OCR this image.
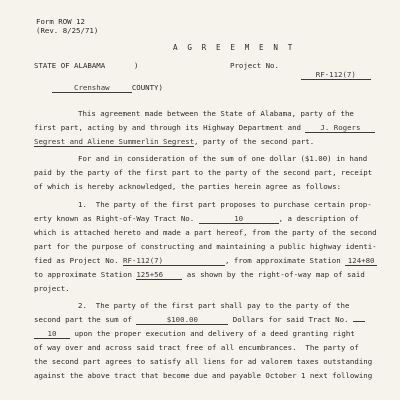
Form ROW 12
(Rev. 8/25/71)
A G R E E M E N T
STATE OF ALABAMA	)	Project No.

RF-112(7)

Crenshaw	COUNTY)

This agreement made between the State of Alabama, party of the
first part, acting by and through its Highway Department and	J. Rogers
Segrest and Aliene Summerlin Segrest, party of the second part.
For and in consideration of the sum of one dollar ($1.00) in hand
paid by the party of the first part to the party of the second part, receipt
of which is hereby acknowledged, the parties herein agree as follows:
1.  The party of the first part proposes to purchase certain prop-
erty known as Right-of-Way Tract No.	10	, a description of
which is attached hereto and made a part hereof, from the party of the second
part for the purpose of constructing and maintaining a public highway identi-
fied as Project No. RF-112(7)	, from approximate Station 124+80
to approximate Station 125+56	as shown by the right-of-way map of said
project.
2.  The party of the first part shall pay to the party of the
second part the sum of	$100.00	Dollars for said Tract No.
10 upon the proper execution and delivery of a deed granting right
of way over and across said tract free of all encumbrances.  The party of
the second part agrees to satisfy all liens for ad valorem taxes outstanding
against the above tract that become due and payable October 1 next following
